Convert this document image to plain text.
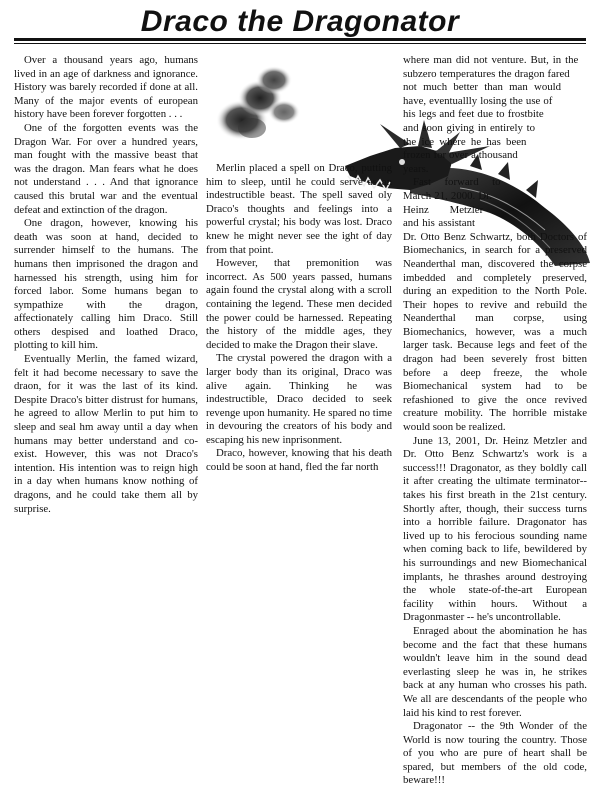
Draco the Dragonator

Over a thousand years ago, humans lived in an age of darkness and ignorance. History was barely recorded if done at all. Many of the major events of european history have been forever forgotten . . .

One of the forgotten events was the Dragon War. For over a hundred years, man fought with the massive beast that was the dragon. Man fears what he does not understand . . . And that ignorance caused this brutal war and the eventual defeat and extinction of the dragon.

One dragon, however, knowing his death was soon at hand, decided to surrender himself to the humans. The humans then imprisoned the dragon and harnessed his strength, using him for forced labor. Some humans began to sympathize with the dragon, affectionately calling him Draco. Still others despised and loathed Draco, plotting to kill him.

Eventually Merlin, the famed wizard, felt it had become necessary to save the draon, for it was the last of its kind. Despite Draco's bitter distrust for humans, he agreed to allow Merlin to put him to sleep and seal hm away until a day when humans may better understand and co-exist. However, this was not Draco's intention. His intention was to reign high in a day when humans know nothing of dragons, and he could take them all by surprise.

Merlin placed a spell on Draco, putting him to sleep, until he could serve as an indestructible beast. The spell saved oly Draco's thoughts and feelings into a powerful crystal; his body was lost. Draco knew he might never see the ight of day from that point.

However, that premonition was incorrect. As 500 years passed, humans again found the crystal along with a scroll containing the legend. These men decided the power could be harnessed. Repeating the history of the middle ages, they decided to make the Dragon their slave.

The crystal powered the dragon with a larger body than its original, Draco was alive again. Thinking he was indestructible, Draco decided to seek revenge upon humanity. He spared no time in devouring the creators of his body and escaping his new inprisonment.

Draco, however, knowing that his death could be soon at hand, fled the far north

where man did not venture. But, in the subzero temperatures the dragon fared not much better than man would have, eventuallly losing the use of his legs and feet due to frostbite and soon giving in entirely to the ice where he has been frozen for over a thousand years.

Fast forward to March 21, 2000. Dr. Heinz Metzler and his assistant Dr. Otto Benz Schwartz, both Doctors of Biomechanics, in search for a preserved Neanderthal man, discovered the corpse imbedded and completely preserved, during an expedition to the North Pole. Their hopes to revive and rebuild the Neanderthal man corpse, using Biomechanics, however, was a much larger task. Because legs and feet of the dragon had been severely frost bitten before a deep freeze, the whole Biomechanical system had to be refashioned to give the once revived creature mobility. The horrible mistake would soon be realized.

June 13, 2001, Dr. Heinz Metzler and Dr. Otto Benz Schwartz's work is a success!!! Dragonator, as they boldly call it after creating the ultimate terminator--takes his first breath in the 21st century. Shortly after, though, their success turns into a horrible failure. Dragonator has lived up to his ferocious sounding name when coming back to life, bewildered by his surroundings and new Biomechanical implants, he thrashes around destroying the whole state-of-the-art European facility within hours. Without a Dragonmaster -- he's uncontrollable.

Enraged about the abomination he has become and the fact that these humans wouldn't leave him in the sound dead everlasting sleep he was in, he strikes back at any human who crosses his path. We all are descendants of the people who laid his kind to rest forever.

Dragonator -- the 9th Wonder of the World is now touring the country. Those of you who are pure of heart shall be spared, but members of the old code, beware!!!
